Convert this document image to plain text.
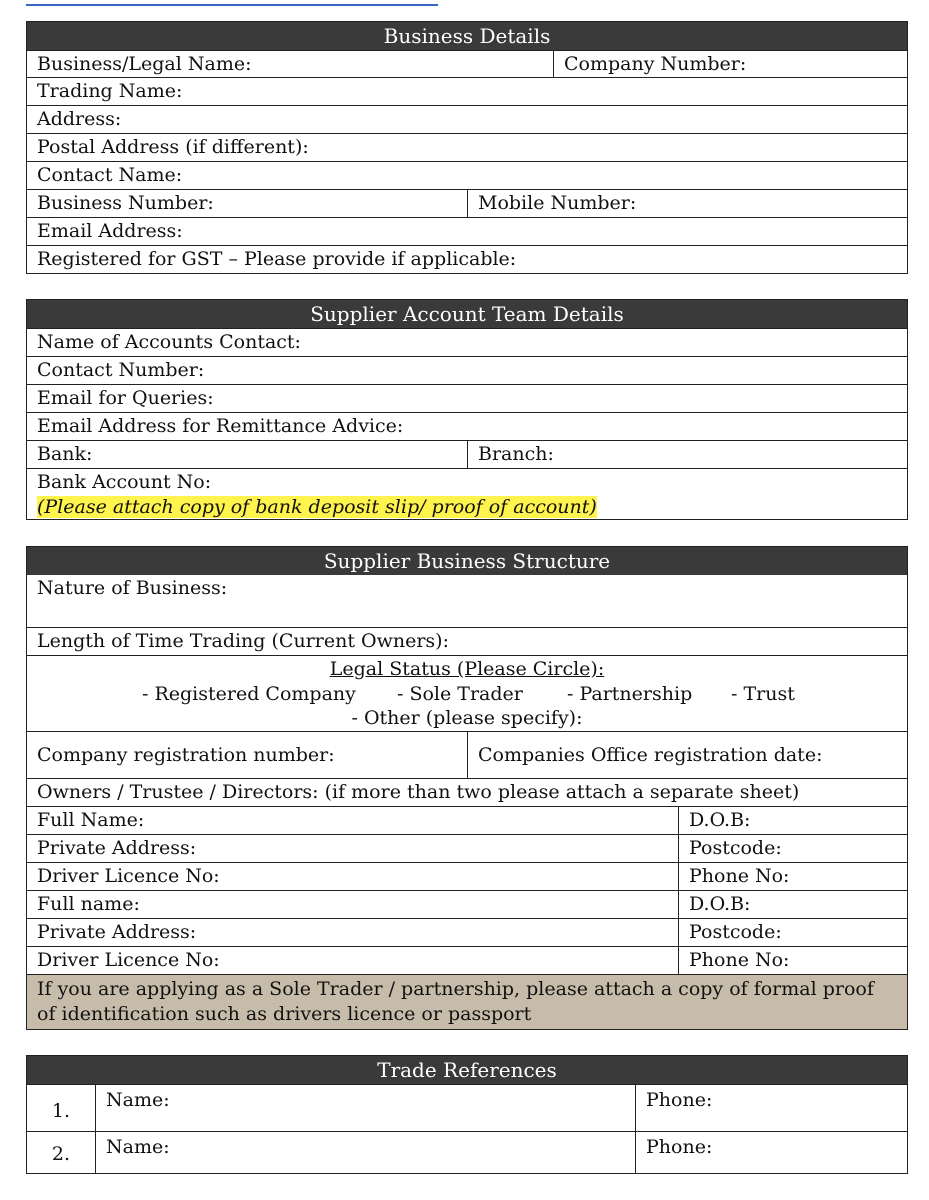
Business Details
Business/Legal Name:	Company Number:
Trading Name:
Address:
Postal Address (if different):
Contact Name:
Business Number:	Mobile Number:
Email Address:
Registered for GST – Please provide if applicable:
Supplier Account Team Details
Name of Accounts Contact:
Contact Number:
Email for Queries:
Email Address for Remittance Advice:
Bank:	Branch:
Bank Account No:
(Please attach copy of bank deposit slip/ proof of account)
Supplier Business Structure
Nature of Business:
Length of Time Trading (Current Owners):
Legal Status (Please Circle):
- Registered Company - Sole Trader - Partnership - Trust
- Other (please specify):
Company registration number:	Companies Office registration date:
Owners / Trustee / Directors: (if more than two please attach a separate sheet)
Full Name:	D.O.B:
Private Address:	Postcode:
Driver Licence No:	Phone No:
Full name:	D.O.B:
Private Address:	Postcode:
Driver Licence No:	Phone No:
If you are applying as a Sole Trader / partnership, please attach a copy of formal proof of identification such as drivers licence or passport
Trade References
1.	Name:	Phone:
2.	Name:	Phone:
